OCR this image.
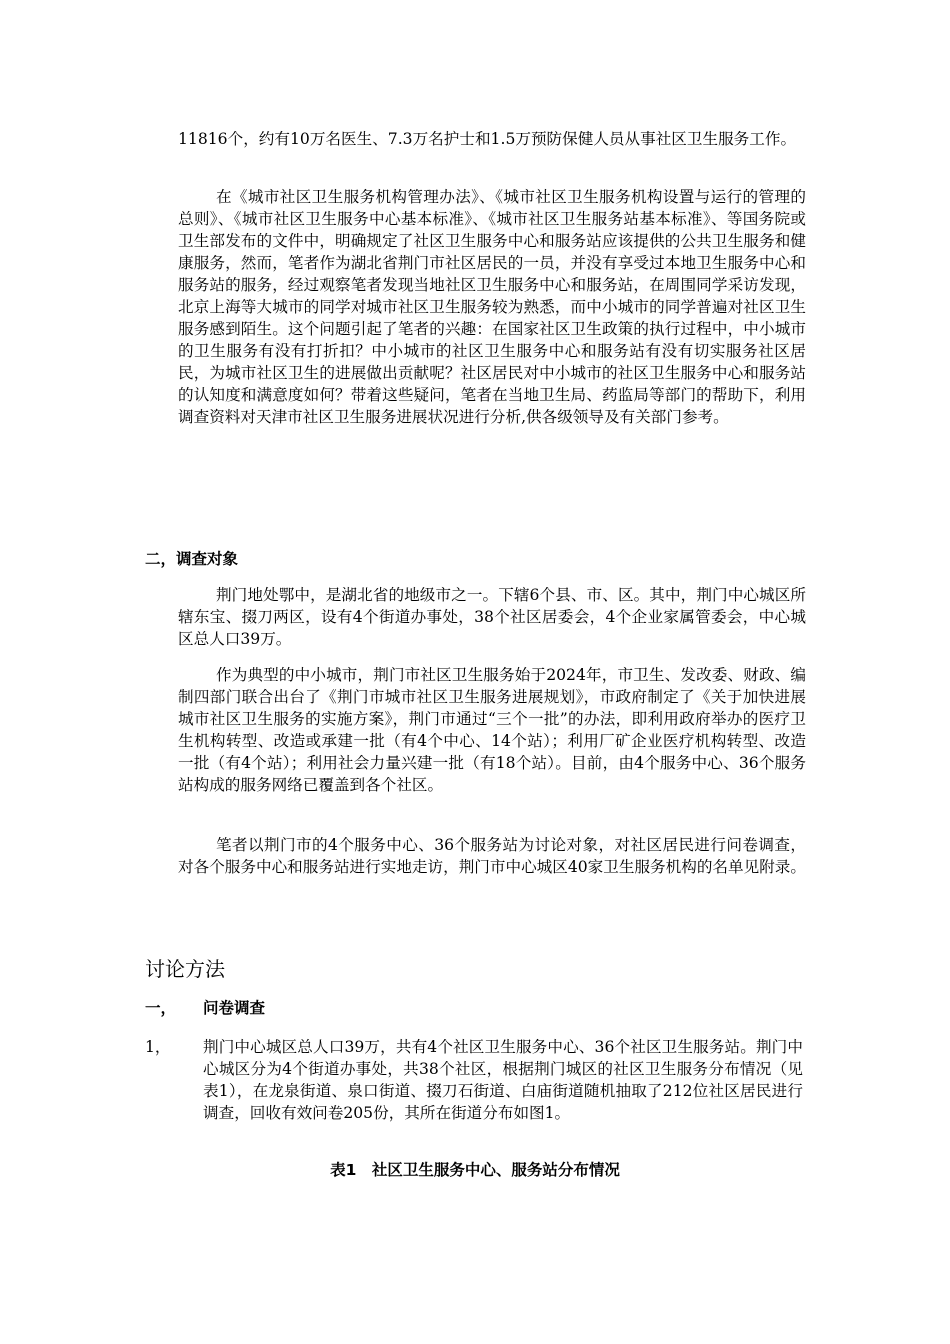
11816个，约有10万名医生、7.3万名护士和1.5万预防保健人员从事社区卫生服务工作。

在《城市社区卫生服务机构管理办法》、《城市社区卫生服务机构设置与运行的管理的总则》、《城市社区卫生服务中心基本标准》、《城市社区卫生服务站基本标准》、等国务院或卫生部发布的文件中，明确规定了社区卫生服务中心和服务站应该提供的公共卫生服务和健康服务，然而，笔者作为湖北省荆门市社区居民的一员，并没有享受过本地卫生服务中心和服务站的服务，经过观察笔者发现当地社区卫生服务中心和服务站，在周围同学采访发现，北京上海等大城市的同学对城市社区卫生服务较为熟悉，而中小城市的同学普遍对社区卫生服务感到陌生。这个问题引起了笔者的兴趣：在国家社区卫生政策的执行过程中，中小城市的卫生服务有没有打折扣？中小城市的社区卫生服务中心和服务站有没有切实服务社区居民，为城市社区卫生的进展做出贡献呢？社区居民对中小城市的社区卫生服务中心和服务站的认知度和满意度如何？带着这些疑问，笔者在当地卫生局、药监局等部门的帮助下，利用调查资料对天津市社区卫生服务进展状况进行分析,供各级领导及有关部门参考。

二，调查对象

荆门地处鄂中，是湖北省的地级市之一。下辖6个县、市、区。其中，荆门中心城区所辖东宝、掇刀两区，设有4个街道办事处，38个社区居委会，4个企业家属管委会，中心城区总人口39万。

作为典型的中小城市，荆门市社区卫生服务始于2024年，市卫生、发改委、财政、编制四部门联合出台了《荆门市城市社区卫生服务进展规划》，市政府制定了《关于加快进展城市社区卫生服务的实施方案》，荆门市通过“三个一批”的办法，即利用政府举办的医疗卫生机构转型、改造或承建一批（有4个中心、14个站）；利用厂矿企业医疗机构转型、改造一批（有4个站）；利用社会力量兴建一批（有18个站）。目前，由4个服务中心、36个服务站构成的服务网络已覆盖到各个社区。

笔者以荆门市的4个服务中心、36个服务站为讨论对象，对社区居民进行问卷调查，对各个服务中心和服务站进行实地走访，荆门市中心城区40家卫生服务机构的名单见附录。

讨论方法
一， 问卷调查
1， 荆门中心城区总人口39万，共有4个社区卫生服务中心、36个社区卫生服务站。荆门中心城区分为4个街道办事处，共38个社区，根据荆门城区的社区卫生服务分布情况（见表1），在龙泉街道、泉口街道、掇刀石街道、白庙街道随机抽取了212位社区居民进行调查，回收有效问卷205份，其所在街道分布如图1。

表1　社区卫生服务中心、服务站分布情况
